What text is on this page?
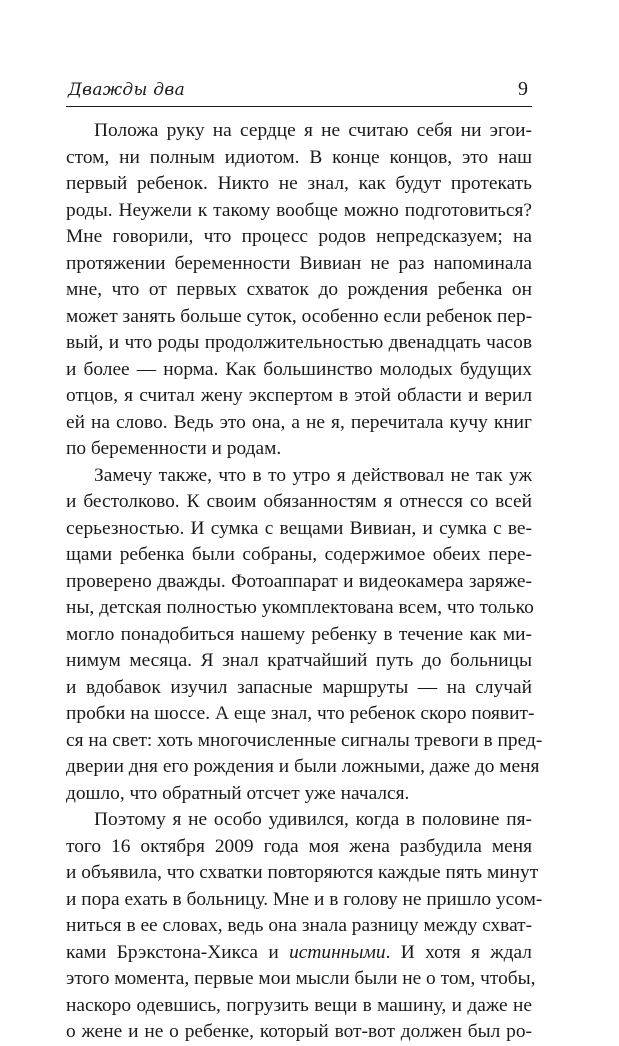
Дважды два	9
Положа руку на сердце я не считаю себя ни эгои-
стом, ни полным идиотом. В конце концов, это наш
первый ребенок. Никто не знал, как будут протекать
роды. Неужели к такому вообще можно подготовиться?
Мне говорили, что процесс родов непредсказуем; на
протяжении беременности Вивиан не раз напоминала
мне, что от первых схваток до рождения ребенка он
может занять больше суток, особенно если ребенок пер-
вый, и что роды продолжительностью двенадцать часов
и более — норма. Как большинство молодых будущих
отцов, я считал жену экспертом в этой области и верил
ей на слово. Ведь это она, а не я, перечитала кучу книг
по беременности и родам.
Замечу также, что в то утро я действовал не так уж
и бестолково. К своим обязанностям я отнесся со всей
серьезностью. И сумка с вещами Вивиан, и сумка с ве-
щами ребенка были собраны, содержимое обеих пере-
проверено дважды. Фотоаппарат и видеокамера заряже-
ны, детская полностью укомплектована всем, что только
могло понадобиться нашему ребенку в течение как ми-
нимум месяца. Я знал кратчайший путь до больницы
и вдобавок изучил запасные маршруты — на случай
пробки на шоссе. А еще знал, что ребенок скоро появит-
ся на свет: хоть многочисленные сигналы тревоги в пред-
дверии дня его рождения и были ложными, даже до меня
дошло, что обратный отсчет уже начался.
Поэтому я не особо удивился, когда в половине пя-
того 16 октября 2009 года моя жена разбудила меня
и объявила, что схватки повторяются каждые пять минут
и пора ехать в больницу. Мне и в голову не пришло усом-
ниться в ее словах, ведь она знала разницу между схват-
ками Брэкстона-Хикса и истинными. И хотя я ждал
этого момента, первые мои мысли были не о том, чтобы,
наскоро одевшись, погрузить вещи в машину, и даже не
о жене и не о ребенке, который вот-вот должен был ро-
